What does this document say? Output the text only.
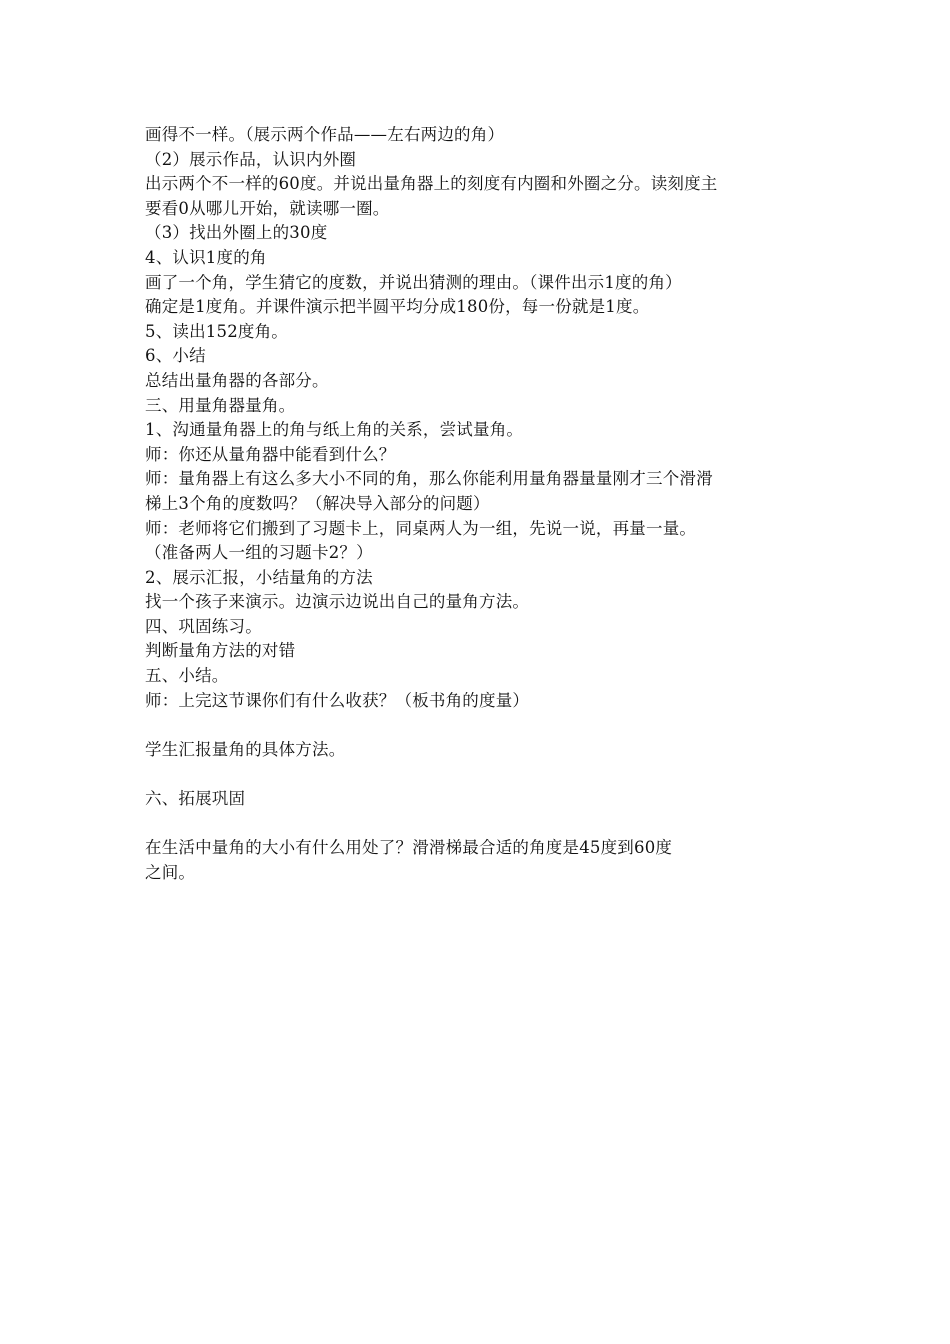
画得不一样。（展示两个作品——左右两边的角）
（2）展示作品，认识内外圈
出示两个不一样的60度。并说出量角器上的刻度有内圈和外圈之分。读刻度主
要看0从哪儿开始，就读哪一圈。
（3）找出外圈上的30度
4、认识1度的角
画了一个角，学生猜它的度数，并说出猜测的理由。（课件出示1度的角）
确定是1度角。并课件演示把半圆平均分成180份，每一份就是1度。
5、读出152度角。
6、小结
总结出量角器的各部分。
三、用量角器量角。
1、沟通量角器上的角与纸上角的关系，尝试量角。
师：你还从量角器中能看到什么？
师：量角器上有这么多大小不同的角，那么你能利用量角器量量刚才三个滑滑
梯上3个角的度数吗？（解决导入部分的问题）
师：老师将它们搬到了习题卡上，同桌两人为一组，先说一说，再量一量。
（准备两人一组的习题卡2？）
2、展示汇报，小结量角的方法
找一个孩子来演示。边演示边说出自己的量角方法。
四、巩固练习。
判断量角方法的对错
五、小结。
师：上完这节课你们有什么收获？（板书角的度量）
学生汇报量角的具体方法。
六、拓展巩固
在生活中量角的大小有什么用处了？滑滑梯最合适的角度是45度到60度
之间。
